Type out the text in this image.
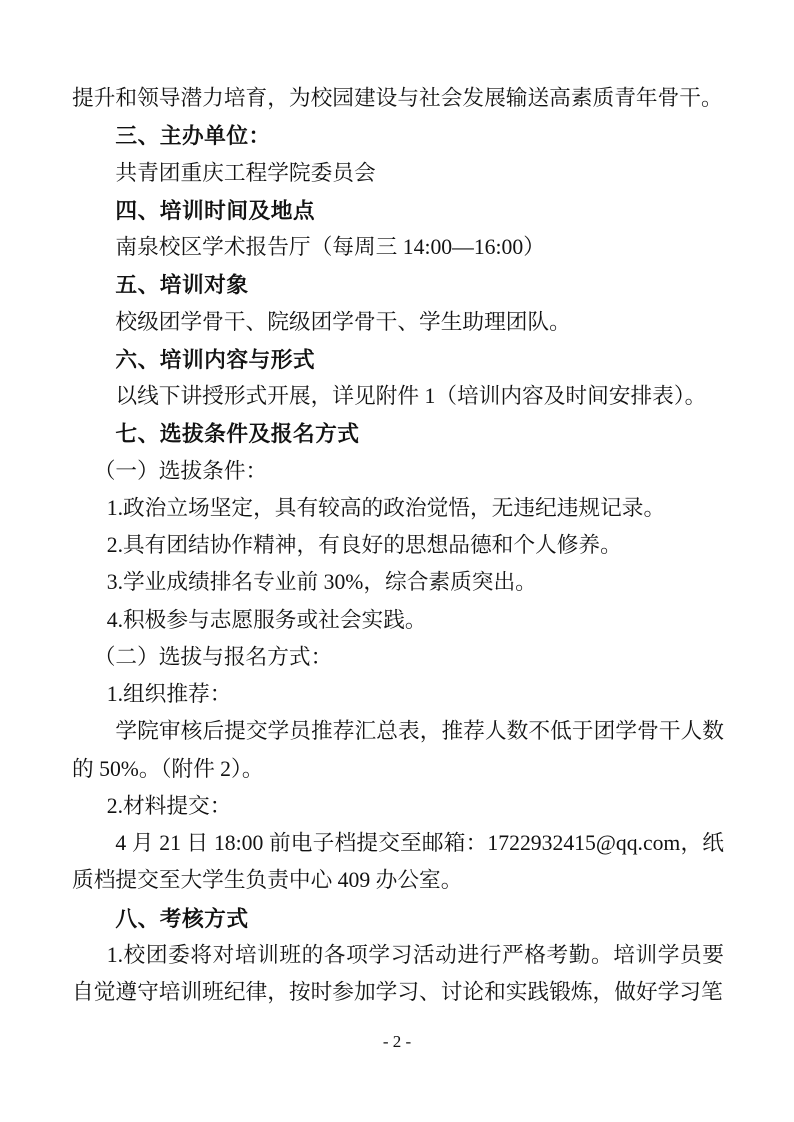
提升和领导潜力培育，为校园建设与社会发展输送高素质青年骨干。

三、主办单位：

共青团重庆工程学院委员会

四、培训时间及地点

南泉校区学术报告厅（每周三 14:00—16:00）

五、培训对象

校级团学骨干、院级团学骨干、学生助理团队。

六、培训内容与形式

以线下讲授形式开展，详见附件 1（培训内容及时间安排表）。

七、选拔条件及报名方式

（一）选拔条件：

1.政治立场坚定，具有较高的政治觉悟，无违纪违规记录。

2.具有团结协作精神，有良好的思想品德和个人修养。

3.学业成绩排名专业前 30%，综合素质突出。

4.积极参与志愿服务或社会实践。

（二）选拔与报名方式：

1.组织推荐：

学院审核后提交学员推荐汇总表，推荐人数不低于团学骨干人数的 50%。（附件 2）。

2.材料提交：

4 月 21 日 18:00 前电子档提交至邮箱：1722932415@qq.com，纸质档提交至大学生负责中心 409 办公室。

八、考核方式

1.校团委将对培训班的各项学习活动进行严格考勤。培训学员要自觉遵守培训班纪律，按时参加学习、讨论和实践锻炼，做好学习笔

- 2 -
